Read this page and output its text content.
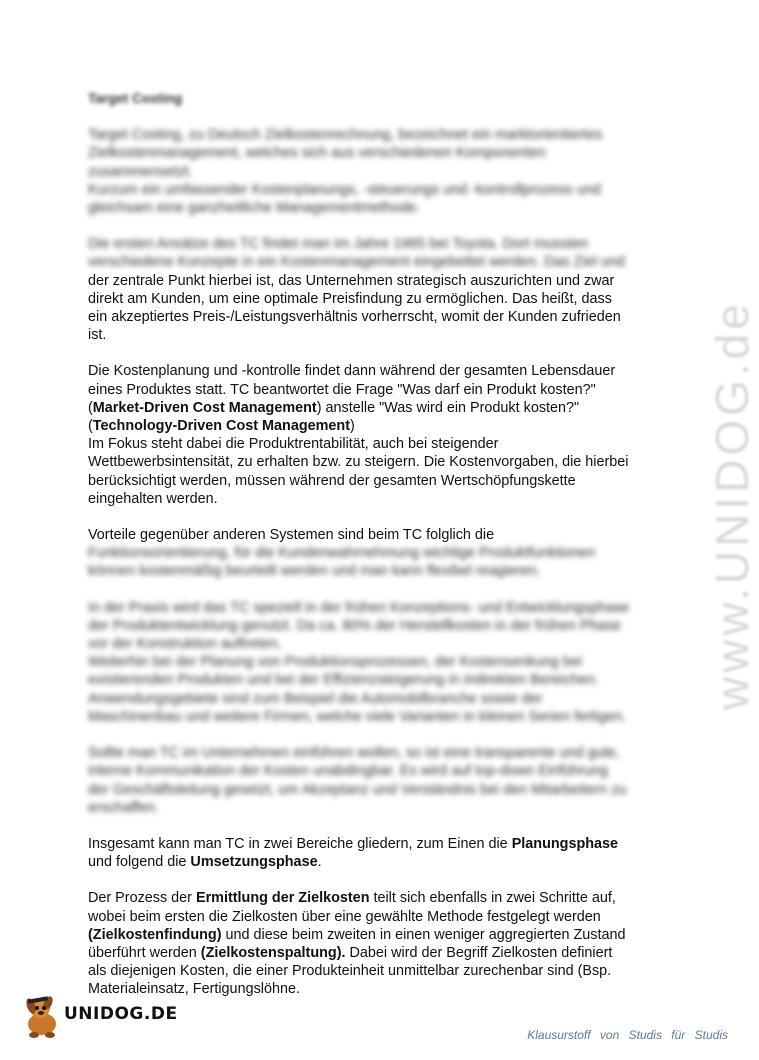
www.UNIDOG.de
Target Costing
Target Costing, zu Deutsch Zielkostenrechnung, bezeichnet ein marktorientiertes
Zielkostenmanagement, welches sich aus verschiedenen Komponenten
zusammensetzt.
Kurzum ein umfassender Kostenplanungs, -steuerungs und -kontrollprozess und
gleichsam eine ganzheitliche Managementmethode.
Die ersten Ansätze des TC findet man im Jahre 1965 bei Toyota. Dort mussten
verschiedene Konzepte in ein Kostenmanagement eingebettet werden. Das Ziel und
der zentrale Punkt hierbei ist, das Unternehmen strategisch auszurichten und zwar
direkt am Kunden, um eine optimale Preisfindung zu ermöglichen. Das heißt, dass
ein akzeptiertes Preis-/Leistungsverhältnis vorherrscht, womit der Kunden zufrieden
ist.
Die Kostenplanung und -kontrolle findet dann während der gesamten Lebensdauer
eines Produktes statt. TC beantwortet die Frage "Was darf ein Produkt kosten?"
(Market-Driven Cost Management) anstelle "Was wird ein Produkt kosten?"
(Technology-Driven Cost Management)
Im Fokus steht dabei die Produktrentabilität, auch bei steigender
Wettbewerbsintensität, zu erhalten bzw. zu steigern. Die Kostenvorgaben, die hierbei
berücksichtigt werden, müssen während der gesamten Wertschöpfungskette
eingehalten werden.
Vorteile gegenüber anderen Systemen sind beim TC folglich die
Funktionsorientierung, für die Kundenwahrnehmung wichtige Produktfunktionen
können kostenmäßig beurteilt werden und man kann flexibel reagieren.
In der Praxis wird das TC speziell in der frühen Konzeptions- und Entwicklungsphase
der Produktentwicklung genutzt. Da ca. 80% der Herstellkosten in der frühen Phase
vor der Konstruktion auftreten.
Weiterhin bei der Planung von Produktionsprozessen, der Kostensenkung bei
existierenden Produkten und bei der Effizienzsteigerung in indirekten Bereichen.
Anwendungsgebiete sind zum Beispiel die Automobilbranche sowie der
Maschinenbau und weitere Firmen, welche viele Varianten in kleinen Serien fertigen.
Sollte man TC im Unternehmen einführen wollen, so ist eine transparente und gute,
interne Kommunikation der Kosten unabdingbar. Es wird auf top-down Einführung
der Geschäftsleitung gesetzt, um Akzeptanz und Verständnis bei den Mitarbeitern zu
erschaffen.
Insgesamt kann man TC in zwei Bereiche gliedern, zum Einen die Planungsphase
und folgend die Umsetzungsphase.
Der Prozess der Ermittlung der Zielkosten teilt sich ebenfalls in zwei Schritte auf,
wobei beim ersten die Zielkosten über eine gewählte Methode festgelegt werden
(Zielkostenfindung) und diese beim zweiten in einen weniger aggregierten Zustand
überführt werden (Zielkostenspaltung). Dabei wird der Begriff Zielkosten definiert
als diejenigen Kosten, die einer Produkteinheit unmittelbar zurechenbar sind (Bsp.
Materialeinsatz, Fertigungslöhne.
UNIDOG.DE
Klausurstoff von Studis für Studis
